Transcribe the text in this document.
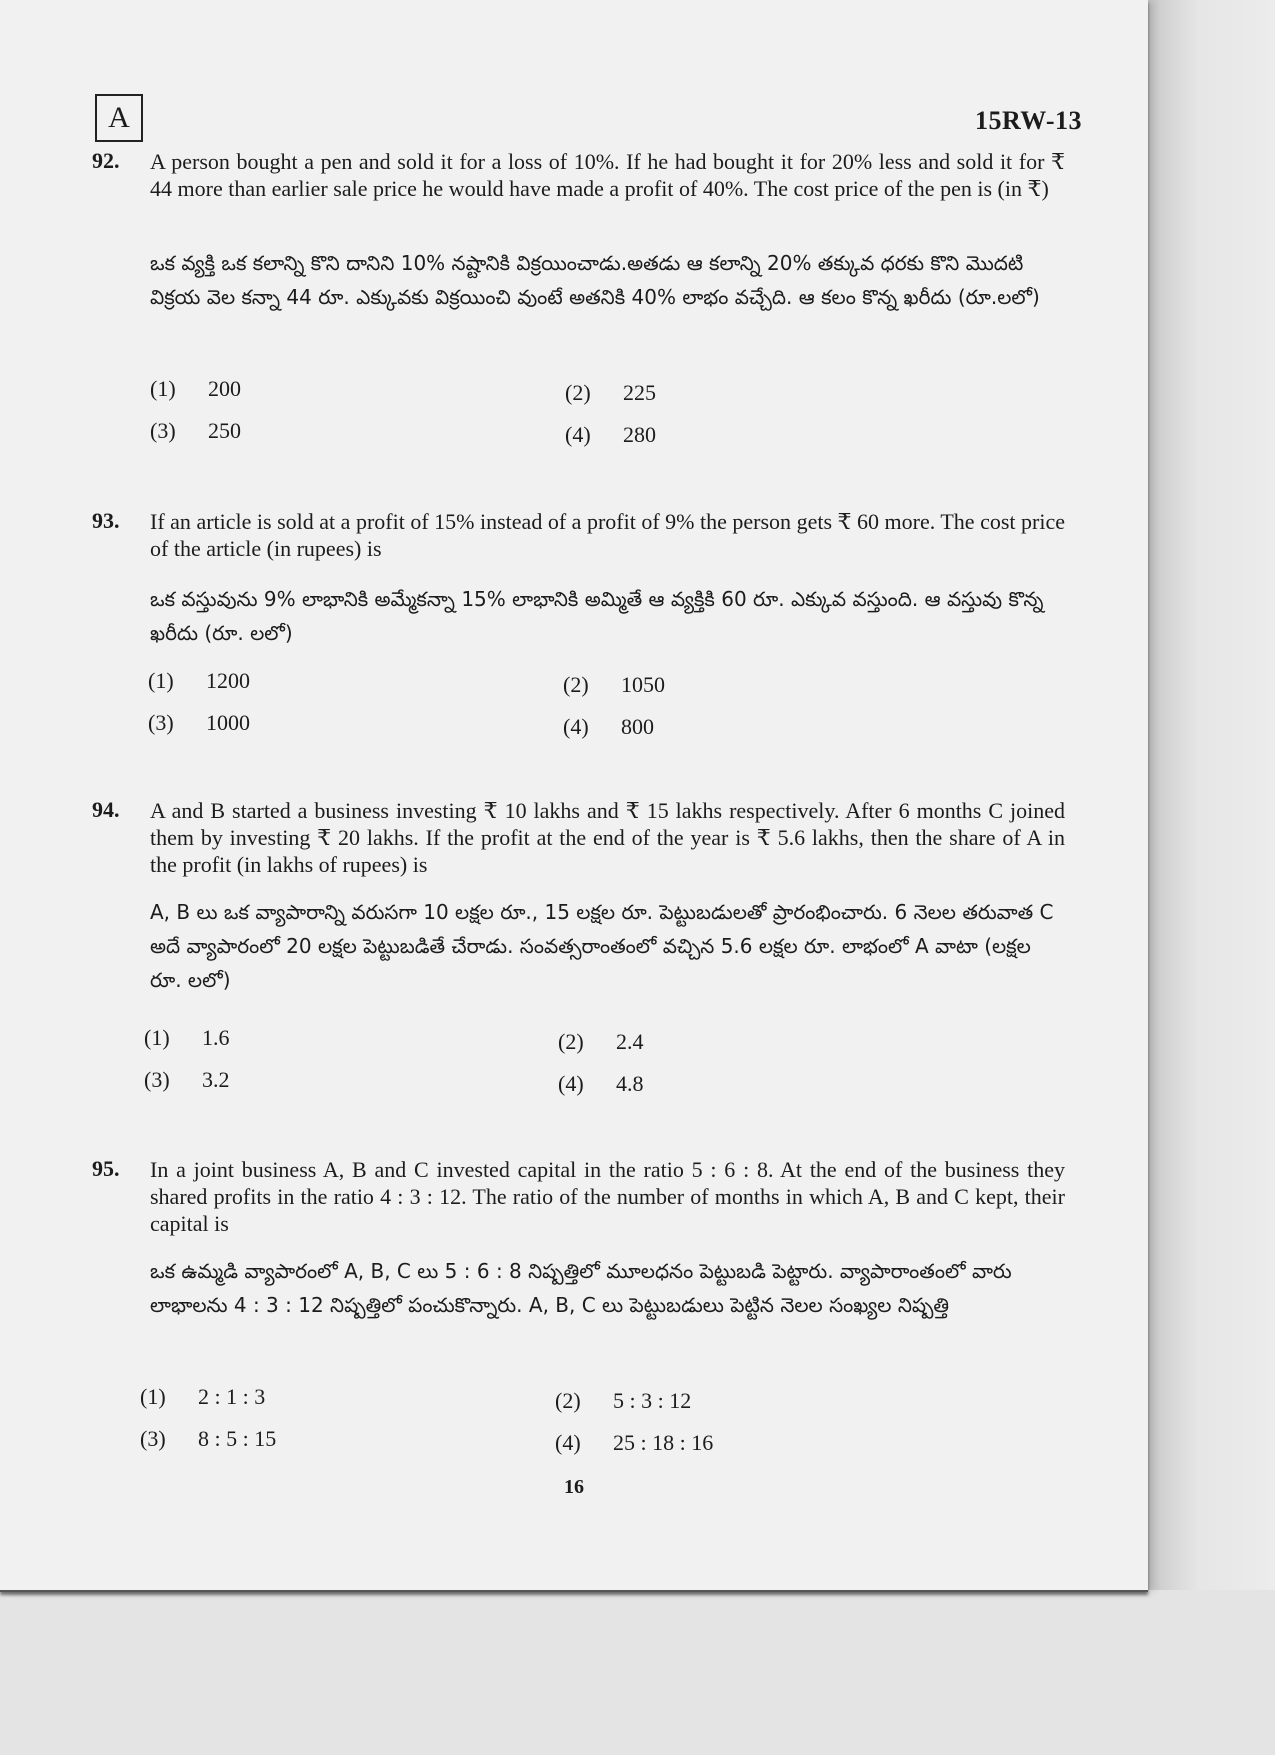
A	15RW-13
92. A person bought a pen and sold it for a loss of 10%. If he had bought it for 20% less and sold it for ₹ 44 more than earlier sale price he would have made a profit of 40%. The cost price of the pen is (in ₹)
ఒక వ్యక్తి ఒక కలాన్ని కొని దానిని 10% నష్టానికి విక్రయించాడు.అతడు ఆ కలాన్ని 20% తక్కువ ధరకు కొని మొదటి విక్రయ వెల కన్నా 44 రూ. ఎక్కువకు విక్రయించి వుంటే అతనికి 40% లాభం వచ్చేది. ఆ కలం కొన్న ఖరీదు (రూ.లలో)
(1) 200	(2) 225
(3) 250	(4) 280
93. If an article is sold at a profit of 15% instead of a profit of 9% the person gets ₹ 60 more. The cost price of the article (in rupees) is
ఒక వస్తువును 9% లాభానికి అమ్మేకన్నా 15% లాభానికి అమ్మితే ఆ వ్యక్తికి 60 రూ. ఎక్కువ వస్తుంది. ఆ వస్తువు కొన్న ఖరీదు (రూ. లలో)
(1) 1200	(2) 1050
(3) 1000	(4) 800
94. A and B started a business investing ₹ 10 lakhs and ₹ 15 lakhs respectively. After 6 months C joined them by investing ₹ 20 lakhs. If the profit at the end of the year is ₹ 5.6 lakhs, then the share of A in the profit (in lakhs of rupees) is
A, B లు ఒక వ్యాపారాన్ని వరుసగా 10 లక్షల రూ., 15 లక్షల రూ. పెట్టుబడులతో ప్రారంభించారు. 6 నెలల తరువాత C అదే వ్యాపారంలో 20 లక్షల పెట్టుబడితే చేరాడు. సంవత్సరాంతంలో వచ్చిన 5.6 లక్షల రూ. లాభంలో A వాటా (లక్షల రూ. లలో)
(1) 1.6	(2) 2.4
(3) 3.2	(4) 4.8
95. In a joint business A, B and C invested capital in the ratio 5 : 6 : 8. At the end of the business they shared profits in the ratio 4 : 3 : 12. The ratio of the number of months in which A, B and C kept, their capital is
ఒక ఉమ్మడి వ్యాపారంలో A, B, C లు 5 : 6 : 8 నిష్పత్తిలో మూలధనం పెట్టుబడి పెట్టారు. వ్యాపారాంతంలో వారు లాభాలను 4 : 3 : 12 నిష్పత్తిలో పంచుకొన్నారు. A, B, C లు పెట్టుబడులు పెట్టిన నెలల సంఖ్యల నిష్పత్తి
(1) 2 : 1 : 3	(2) 5 : 3 : 12
(3) 8 : 5 : 15	(4) 25 : 18 : 16
16
